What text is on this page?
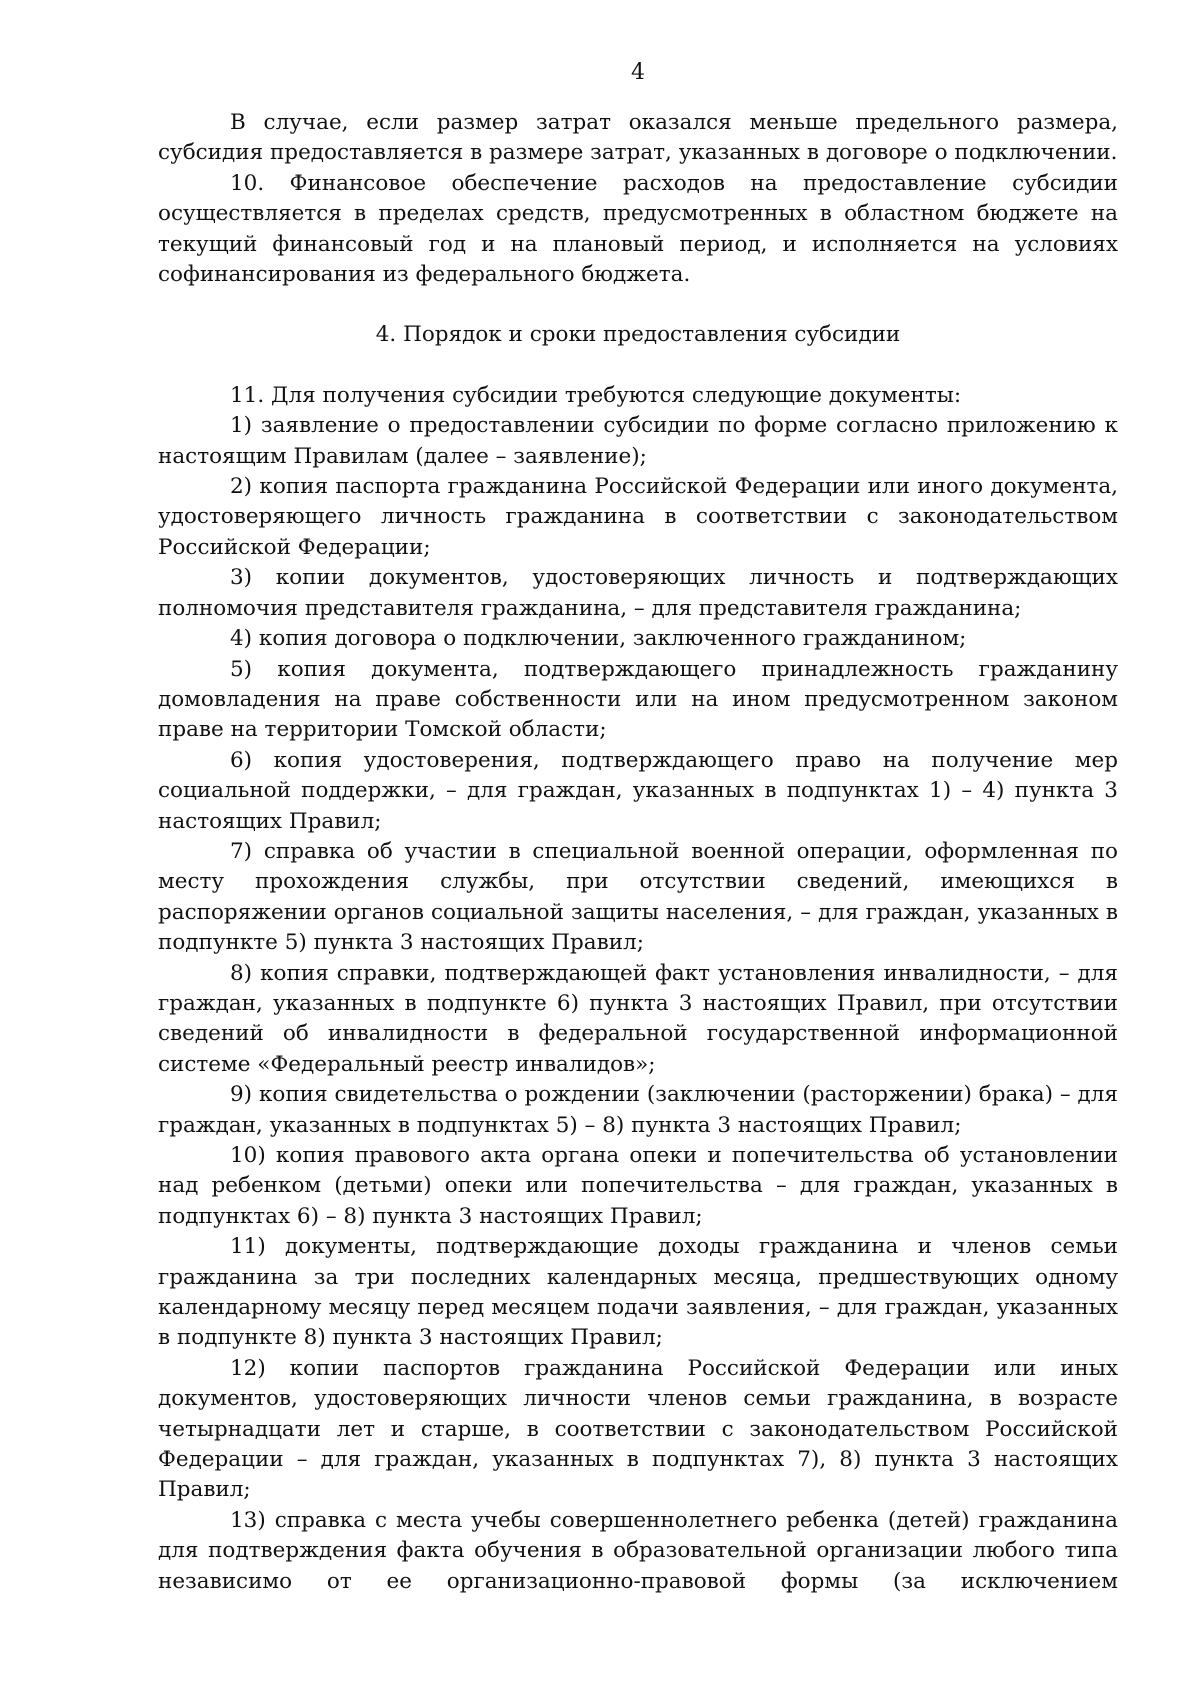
4

В случае, если размер затрат оказался меньше предельного размера, субсидия предоставляется в размере затрат, указанных в договоре о подключении.

10. Финансовое обеспечение расходов на предоставление субсидии осуществляется в пределах средств, предусмотренных в областном бюджете на текущий финансовый год и на плановый период, и исполняется на условиях софинансирования из федерального бюджета.

4. Порядок и сроки предоставления субсидии

11. Для получения субсидии требуются следующие документы:

1) заявление о предоставлении субсидии по форме согласно приложению к настоящим Правилам (далее – заявление);

2) копия паспорта гражданина Российской Федерации или иного документа, удостоверяющего личность гражданина в соответствии с законодательством Российской Федерации;

3) копии документов, удостоверяющих личность и подтверждающих полномочия представителя гражданина, – для представителя гражданина;

4) копия договора о подключении, заключенного гражданином;

5) копия документа, подтверждающего принадлежность гражданину домовладения на праве собственности или на ином предусмотренном законом праве на территории Томской области;

6) копия удостоверения, подтверждающего право на получение мер социальной поддержки, – для граждан, указанных в подпунктах 1) – 4) пункта 3 настоящих Правил;

7) справка об участии в специальной военной операции, оформленная по месту прохождения службы, при отсутствии сведений, имеющихся в распоряжении органов социальной защиты населения, – для граждан, указанных в подпункте 5) пункта 3 настоящих Правил;

8) копия справки, подтверждающей факт установления инвалидности, – для граждан, указанных в подпункте 6) пункта 3 настоящих Правил, при отсутствии сведений об инвалидности в федеральной государственной информационной системе «Федеральный реестр инвалидов»;

9) копия свидетельства о рождении (заключении (расторжении) брака) – для граждан, указанных в подпунктах 5) – 8) пункта 3 настоящих Правил;

10) копия правового акта органа опеки и попечительства об установлении над ребенком (детьми) опеки или попечительства – для граждан, указанных в подпунктах 6) – 8) пункта 3 настоящих Правил;

11) документы, подтверждающие доходы гражданина и членов семьи гражданина за три последних календарных месяца, предшествующих одному календарному месяцу перед месяцем подачи заявления, – для граждан, указанных в подпункте 8) пункта 3 настоящих Правил;

12) копии паспортов гражданина Российской Федерации или иных документов, удостоверяющих личности членов семьи гражданина, в возрасте четырнадцати лет и старше, в соответствии с законодательством Российской Федерации – для граждан, указанных в подпунктах 7), 8) пункта 3 настоящих Правил;

13) справка с места учебы совершеннолетнего ребенка (детей) гражданина для подтверждения факта обучения в образовательной организации любого типа независимо от ее организационно-правовой формы (за исключением
